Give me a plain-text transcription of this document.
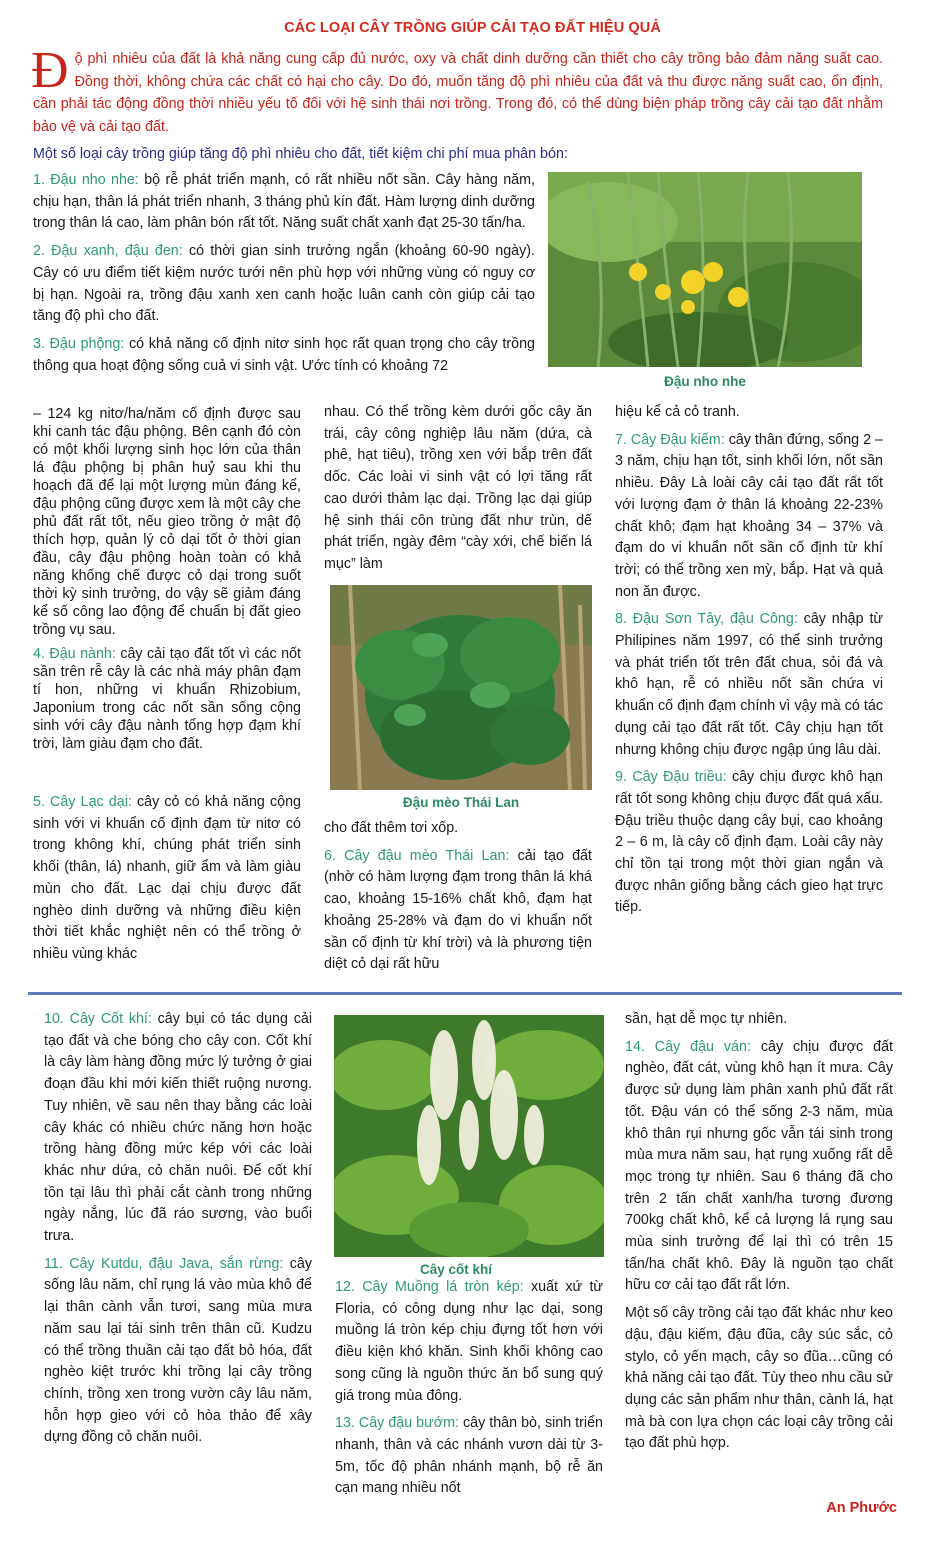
CÁC LOẠI CÂY TRỒNG GIÚP CẢI TẠO ĐẤT HIỆU QUẢ
Độ phì nhiêu của đất là khả năng cung cấp đủ nước, oxy và chất dinh dưỡng cần thiết cho cây trồng bảo đảm năng suất cao. Đồng thời, không chứa các chất có hại cho cây. Do đó, muốn tăng độ phì nhiêu của đất và thu được năng suất cao, ổn định, cần phải tác động đồng thời nhiều yếu tố đối với hệ sinh thái nơi trồng. Trong đó, có thể dùng biện pháp trồng cây cải tạo đất nhằm bảo vệ và cải tạo đất.
Một số loại cây trồng giúp tăng độ phì nhiêu cho đất, tiết kiệm chi phí mua phân bón:

1. Đậu nho nhe: bộ rễ phát triển mạnh, có rất nhiều nốt sần. Cây hàng năm, chịu hạn, thân lá phát triển nhanh, 3 tháng phủ kín đất. Hàm lượng dinh dưỡng trong thân lá cao, làm phân bón rất tốt. Năng suất chất xanh đạt 25-30 tấn/ha.

2. Đậu xanh, đậu đen: có thời gian sinh trưởng ngắn (khoảng 60-90 ngày). Cây có ưu điểm tiết kiệm nước tưới nên phù hợp với những vùng có nguy cơ bị hạn. Ngoài ra, trồng đậu xanh xen canh hoặc luân canh còn giúp cải tạo tăng độ phì cho đất.

3. Đậu phộng: có khả năng cố định nitơ sinh học rất quan trọng cho cây trồng thông qua hoạt động sống cuả vi sinh vật. Ước tính có khoảng 72

Đậu nho nhe

– 124 kg nitơ/ha/năm cố định được sau khi canh tác đậu phộng. Bên cạnh đó còn có một khối lượng sinh học lớn của thân lá đậu phộng bị phân huỷ sau khi thu hoạch đã để lại một lượng mùn đáng kể, đậu phộng cũng được xem là một cây che phủ đất rất tốt, nếu gieo trồng ở mật độ thích hợp, quản lý cỏ dại tốt ở thời gian đầu, cây đậu phộng hoàn toàn có khả năng khống chế được cỏ dại trong suốt thời kỳ sinh trưởng, do vậy sẽ giảm đáng kể số công lao động để chuẩn bị đất gieo trồng vụ sau.

4. Đậu nành: cây cải tạo đất tốt vì các nốt sần trên rễ cây là các nhà máy phân đạm tí hon, những vi khuẩn Rhizobium, Japonium trong các nốt sần sống cộng sinh với cây đậu nành tổng hợp đạm khí trời, làm giàu đạm cho đất.

5. Cây Lạc dại: cây cỏ có khả năng cộng sinh với vi khuẩn cố định đạm từ nitơ có trong không khí, chúng phát triển sinh khối (thân, lá) nhanh, giữ ẩm và làm giàu mùn cho đất. Lạc dại chịu được đất nghèo dinh dưỡng và những điều kiện thời tiết khắc nghiệt nên có thể trồng ở nhiều vùng khác

nhau. Có thể trồng kèm dưới gốc cây ăn trái, cây công nghiệp lâu năm (dứa, cà phê, hạt tiêu), trồng xen với bắp trên đất dốc. Các loài vi sinh vật có lợi tăng rất cao dưới thảm lạc dại. Trồng lạc dại giúp hệ sinh thái côn trùng đất như trùn, dế phát triển, ngày đêm “cày xới, chế biến lá mục” làm

Đậu mèo Thái Lan

cho đất thêm tơi xốp.

6. Cây đậu mèo Thái Lan: cải tạo đất (nhờ có hàm lượng đạm trong thân lá khá cao, khoảng 15-16% chất khô, đạm hạt khoảng 25-28% và đạm do vi khuẩn nốt sần cố định từ khí trời) và là phương tiện diệt cỏ dại rất hữu

hiệu kể cả cỏ tranh.

7. Cây Đậu kiếm: cây thân đứng, sống 2 – 3 năm, chịu hạn tốt, sinh khối lớn, nốt sần nhiều. Đây Là loài cây cải tạo đất rất tốt với lượng đạm ở thân lá khoảng 22-23% chất khô; đạm hạt khoảng 34 – 37% và đạm do vi khuẩn nốt sần cố định từ khí trời; có thể trồng xen mỳ, bắp. Hạt và quả non ăn được.

8. Đậu Sơn Tây, đậu Công: cây nhập từ Philipines năm 1997, có thể sinh trưởng và phát triển tốt trên đất chua, sỏi đá và khô hạn, rễ có nhiều nốt sần chứa vi khuẩn cố định đạm chính vì vậy mà có tác dụng cải tạo đất rất tốt. Cây chịu hạn tốt nhưng không chịu được ngập úng lâu dài.

9. Cây Đậu triều: cây chịu được khô hạn rất tốt song không chịu được đất quá xấu. Đậu triều thuộc dạng cây bụi, cao khoảng 2 – 6 m, là cây cố định đạm. Loài cây này chỉ tồn tại trong một thời gian ngắn và được nhân giống bằng cách gieo hạt trực tiếp.

10. Cây Cốt khí: cây bụi có tác dụng cải tạo đất và che bóng cho cây con. Cốt khí là cây làm hàng đồng mức lý tưởng ở giai đoạn đầu khi mới kiến thiết ruộng nương. Tuy nhiên, về sau nên thay bằng các loài cây khác có nhiều chức năng hơn hoặc trồng hàng đồng mức kép với các loài khác như dứa, cỏ chăn nuôi. Để cốt khí tồn tại lâu thì phải cắt cành trong những ngày nắng, lúc đã ráo sương, vào buổi trưa.

11. Cây Kutdu, đậu Java, sắn rừng: cây sống lâu năm, chỉ rụng lá vào mùa khô để lại thân cành vẫn tươi, sang mùa mưa năm sau lại tái sinh trên thân cũ. Kudzu có thể trồng thuần cải tạo đất bỏ hóa, đất nghèo kiệt trước khi trồng lại cây trồng chính, trồng xen trong vườn cây lâu năm, hỗn hợp gieo với cỏ hòa thảo để xây dựng đồng cỏ chăn nuôi.

Cây cốt khí

12. Cây Muồng lá tròn kép: xuất xứ từ Floria, có công dụng như lạc dại, song muồng lá tròn kép chịu đựng tốt hơn với điều kiện khó khăn. Sinh khối không cao song cũng là nguồn thức ăn bổ sung quý giá trong mùa đông.

13. Cây đậu bướm: cây thân bò, sinh triển nhanh, thân và các nhánh vươn dài từ 3-5m, tốc độ phân nhánh mạnh, bộ rễ ăn cạn mang nhiều nốt

sần, hạt dễ mọc tự nhiên.

14. Cây đậu ván: cây chịu được đất nghèo, đất cát, vùng khô hạn ít mưa. Cây được sử dụng làm phân xanh phủ đất rất tốt. Đậu ván có thể sống 2-3 năm, mùa khô thân rụi nhưng gốc vẫn tái sinh trong mùa mưa năm sau, hạt rụng xuống rất dễ mọc trong tự nhiên. Sau 6 tháng đã cho trên 2 tấn chất xanh/ha tương đương 700kg chất khô, kể cả lượng lá rụng sau mùa sinh trưởng để lại thì có trên 15 tấn/ha chất khô. Đây là nguồn tạo chất hữu cơ cải tạo đất rất lớn.

Một số cây trồng cải tạo đất khác như keo dậu, đậu kiếm, đậu đũa, cây súc sắc, cỏ stylo, cỏ yến mạch, cây so đũa…cũng có khả năng cải tạo đất. Tùy theo nhu cầu sử dụng các sản phẩm như thân, cành lá, hạt mà bà con lựa chọn các loại cây trồng cải tạo đất phù hợp.

An Phước
